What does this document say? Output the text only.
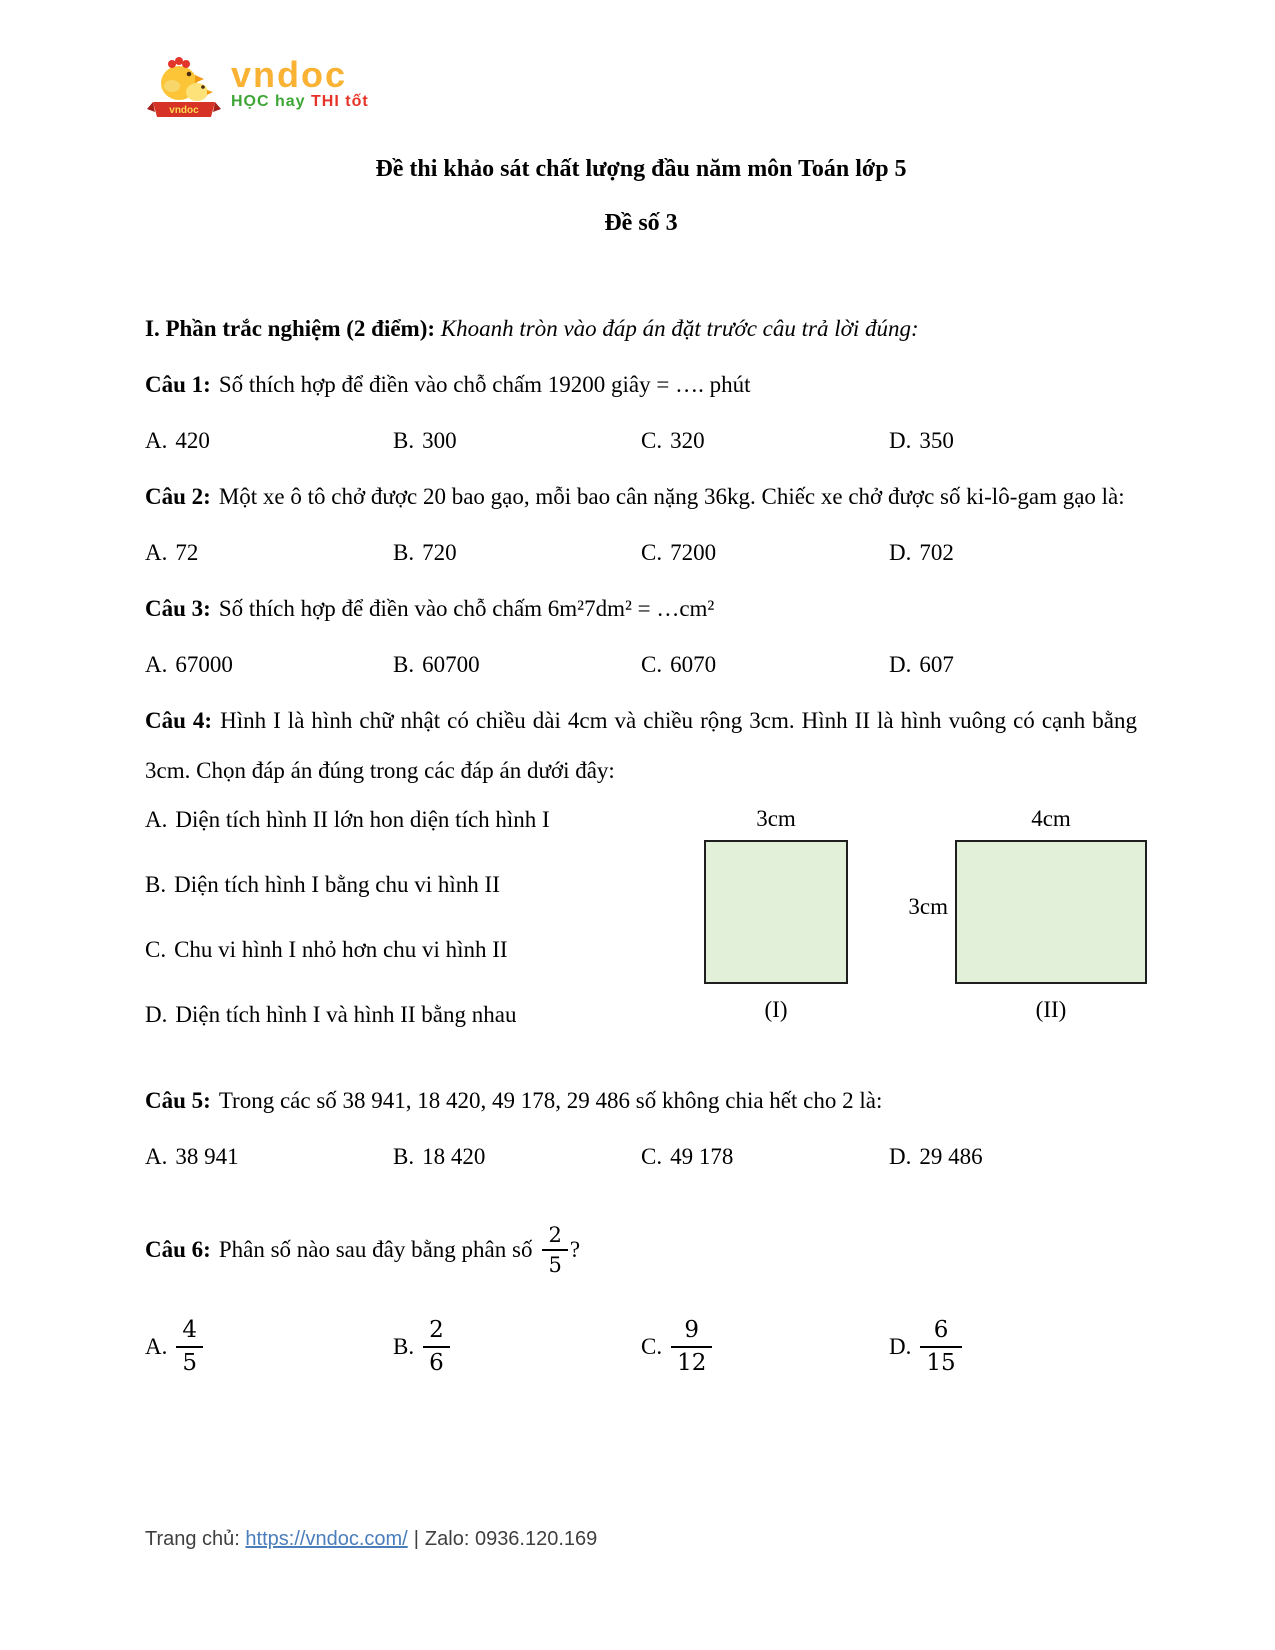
vndoc
vndoc
HỌC hay THI tốt
Đề thi khảo sát chất lượng đầu năm môn Toán lớp 5
Đề số 3
I. Phần trắc nghiệm (2 điểm): Khoanh tròn vào đáp án đặt trước câu trả lời đúng:
Câu 1: Số thích hợp để điền vào chỗ chấm 19200 giây = …. phút
A. 420	B. 300	C. 320	D. 350
Câu 2: Một xe ô tô chở được 20 bao gạo, mỗi bao cân nặng 36kg. Chiếc xe chở được số ki-lô-gam gạo là:
A. 72	B. 720	C. 7200	D. 702
Câu 3: Số thích hợp để điền vào chỗ chấm 6m²7dm² = …cm²
A. 67000	B. 60700	C. 6070	D. 607
Câu 4: Hình I là hình chữ nhật có chiều dài 4cm và chiều rộng 3cm. Hình II là hình vuông có cạnh bằng 3cm. Chọn đáp án đúng trong các đáp án dưới đây:
A. Diện tích hình II lớn hon diện tích hình I
B. Diện tích hình I bằng chu vi hình II
C. Chu vi hình I nhỏ hơn chu vi hình II
D. Diện tích hình I và hình II bằng nhau
3cm	4cm
3cm
(I)	(II)
Câu 5: Trong các số 38 941, 18 420, 49 178, 29 486 số không chia hết cho 2 là:
A. 38 941	B. 18 420	C. 49 178	D. 29 486
Câu 6: Phân số nào sau đây bằng phân số $\frac{2}{5}$ ?
A. $\frac{4}{5}$	B. $\frac{2}{6}$	C. $\frac{9}{12}$	D. $\frac{6}{15}$
Trang chủ: https://vndoc.com/ | Zalo: 0936.120.169
